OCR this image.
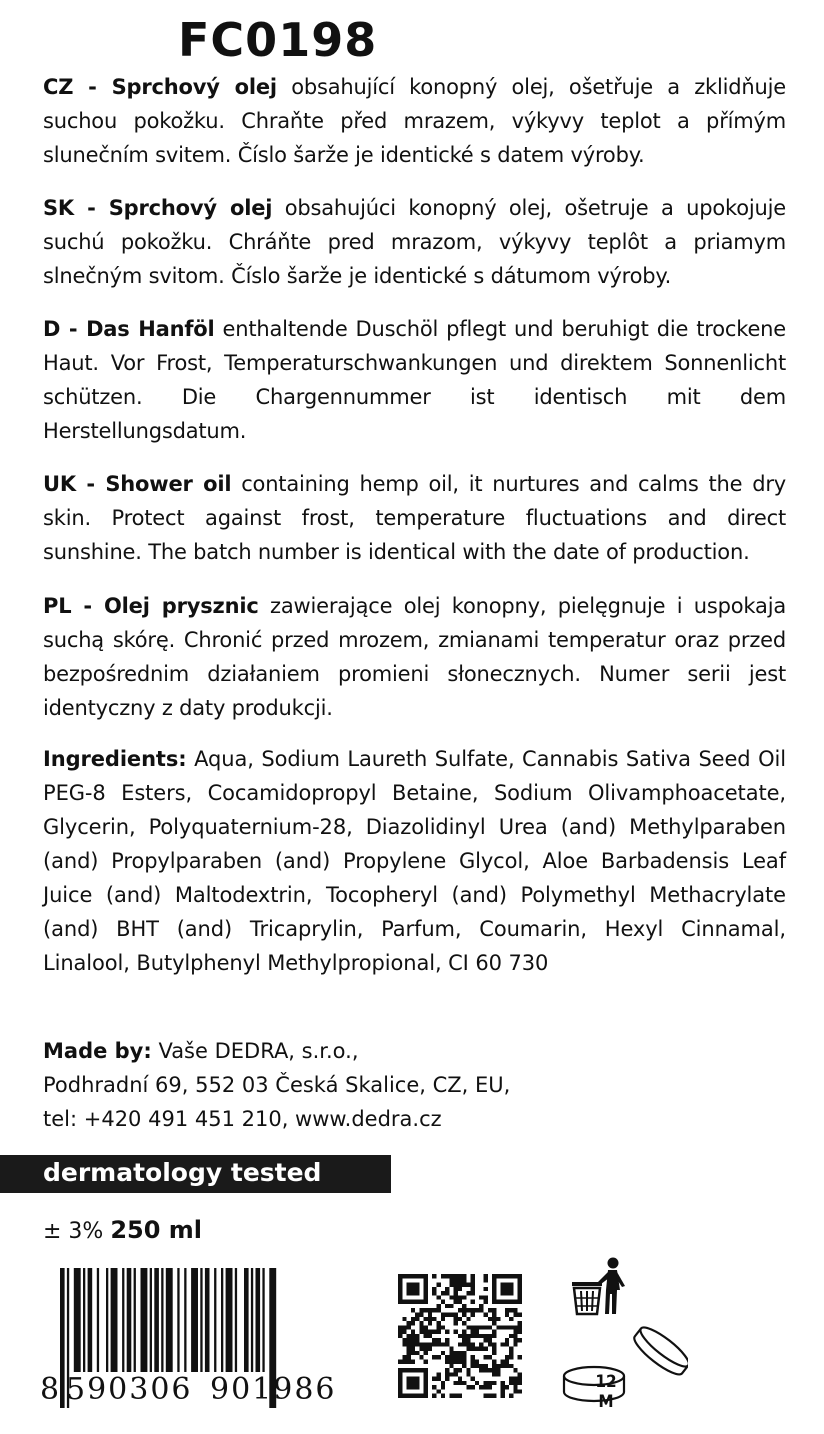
FC0198
CZ - Sprchový olej obsahující konopný olej, ošetřuje a zklidňuje suchou pokožku. Chraňte před mrazem, výkyvy teplot a přímým slunečním svitem. Číslo šarže je identické s datem výroby.
SK - Sprchový olej obsahujúci konopný olej, ošetruje a upokojuje suchú pokožku. Chráňte pred mrazom, výkyvy teplôt a priamym slnečným svitom. Číslo šarže je identické s dátumom výroby.
D - Das Hanföl enthaltende Duschöl pflegt und beruhigt die trockene Haut. Vor Frost, Temperaturschwankungen und direktem Sonnenlicht schützen. Die Chargennummer ist identisch mit dem Herstellungsdatum.
UK - Shower oil containing hemp oil, it nurtures and calms the dry skin. Protect against frost, temperature fluctuations and direct sunshine. The batch number is identical with the date of production.
PL - Olej prysznic zawierające olej konopny, pielęgnuje i uspokaja suchą skórę. Chronić przed mrozem, zmianami temperatur oraz przed bezpośrednim działaniem promieni słonecznych. Numer serii jest identyczny z daty produkcji.
Ingredients: Aqua, Sodium Laureth Sulfate, Cannabis Sativa Seed Oil PEG-8 Esters, Cocamidopropyl Betaine, Sodium Olivamphoacetate, Glycerin, Polyquaternium-28, Diazolidinyl Urea (and) Methylparaben (and) Propylparaben (and) Propylene Glycol, Aloe Barbadensis Leaf Juice (and) Maltodextrin, Tocopheryl (and) Polymethyl Methacrylate (and) BHT (and) Tricaprylin, Parfum, Coumarin, Hexyl Cinnamal, Linalool, Butylphenyl Methylpropional, CI 60 730
Made by: Vaše DEDRA, s.r.o.,
Podhradní 69, 552 03 Česká Skalice, CZ, EU,
tel: +420 491 451 210, www.dedra.cz
dermatology tested
± 3% 250 ml
8 590306 901986	12 M
